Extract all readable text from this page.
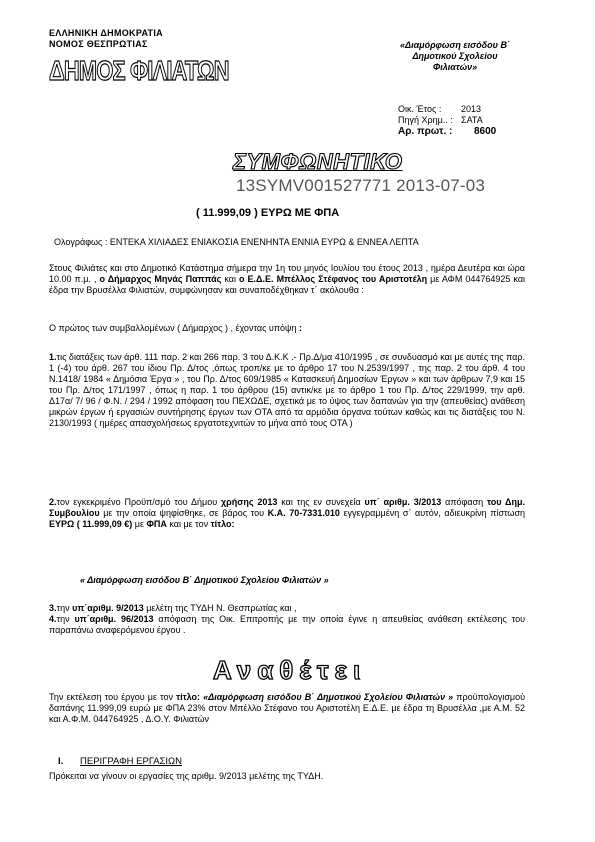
ΕΛΛΗΝΙΚΗ ΔΗΜΟΚΡΑΤΙΑ
ΝΟΜΟΣ ΘΕΣΠΡΩΤΙΑΣ
ΔΗΜΟΣ ΦΙΛΙΑΤΩΝ
«Διαμόρφωση εισόδου Β΄
Δημοτικού Σχολείου
Φιλιατών»
Οικ. Έτος :	2013
Πηγή Χρημ.. : ΣΑΤΑ
Αρ. πρωτ. :	8600
ΣΥΜΦΩΝΗΤΙΚΟ
13SYMV001527771 2013-07-03
( 11.999,09 ) ΕΥΡΩ ΜΕ ΦΠΑ
Ολογράφως : ΕΝΤΕΚΑ ΧΙΛΙΑΔΕΣ ΕΝΙΑΚΟΣΙΑ ΕΝΕΝΗΝΤΑ ΕΝΝΙΑ ΕΥΡΩ & ΕΝΝΕΑ ΛΕΠΤΑ
Στους Φιλιάτες και στο Δημοτικό Κατάστημα σήμερα την 1η του μηνός Ιουλίου του έτους 2013 , ημέρα Δευτέρα και ώρα 10.00 π.μ. , ο Δήμαρχος Μηνάς Παππάς και ο Ε.Δ.Ε. Μπέλλος Στέφανος του Αριστοτέλη με ΑΦΜ 044764925 και έδρα την Βρυσέλλα Φιλιατών, συμφώνησαν και συναποδέχθηκαν τ΄ ακόλουθα :
Ο πρώτος των συμβαλλομένων ( Δήμαρχος ) , έχοντας υπόψη :
1.τις διατάξεις των άρθ. 111 παρ. 2 και 266 παρ. 3 του Δ.Κ.Κ .- Πρ.Δ/μα 410/1995 , σε συνδυασμό και με αυτές της παρ. 1 (-4) του άρθ. 267 του ίδιου Πρ. Δ/τος ,όπως τροπ/κε με το άρθρο 17 του Ν.2539/1997 , της παρ. 2 του άρθ. 4 του Ν.1418/ 1984 « Δημόσια Έργα » , του Πρ. Δ/τος 609/1985 « Κατασκευή Δημοσίων Έργων » και των άρθρων 7,9 και 15 του Πρ. Δ/τος 171/1997 , όπως η παρ. 1 του άρθρου (15) αντικ/κε με το άρθρο 1 του Πρ. Δ/τος 229/1999, την αρθ. Δ17α/ 7/ 96 / Φ.Ν. / 294 / 1992 απόφαση του ΠΕΧΩΔΕ, σχετικά με το ύψος των δαπανών για την (απευθείας) ανάθεση μικρών έργων ή εργασιών συντήρησης έργων των ΟΤΑ από τα αρμόδια όργανα τούτων καθώς και τις διατάξεις του Ν. 2130/1993 ( ημέρες απασχολήσεως εργατοτεχνιτών το μήνα από τους ΟΤΑ )
2.τον εγκεκριμένο Προϋπ/σμό του Δήμου χρήσης 2013 και της εν συνεχεία υπ΄ αριθμ. 3/2013 απόφαση του Δημ. Συμβουλίου με την οποία ψηφίσθηκε, σε βάρος του Κ.Α. 70-7331.010 εγγεγραμμένη σ΄ αυτόν, αδιευκρίνη πίστωση ΕΥΡΩ ( 11.999,09 €) με ΦΠΑ και με τον τίτλο:
« Διαμόρφωση εισόδου Β΄ Δημοτικού Σχολείου Φιλιατών »
3.την υπ΄αριθμ. 9/2013 μελέτη της ΤΥΔΗ Ν. Θεσπρωτίας και ,
4.την υπ΄αριθμ. 96/2013 απόφαση της Οικ. Επιτροπής με την οποία έγινε η απευθείας ανάθεση εκτέλεσης του παραπάνω αναφερόμενου έργου .
Αναθέτει
Την εκτέλεση του έργου με τον τίτλο: «Διαμόρφωση εισόδου Β΄ Δημοτικού Σχολείου Φιλιατών » προϋπολογισμού δαπάνης 11.999,09 ευρώ με ΦΠΑ 23% στον Μπέλλο Στέφανο του Αριστοτέλη Ε.Δ.Ε. με έδρα τη Βρυσέλλα ,με Α.Μ. 52 και Α.Φ.Μ. 044764925 , Δ.Ο.Υ. Φιλιατών
Ι. ΠΕΡΙΓΡΑΦΗ ΕΡΓΑΣΙΩΝ
Πρόκειται να γίνουν οι εργασίες της αριθμ. 9/2013 μελέτης της ΤΥΔΗ.
